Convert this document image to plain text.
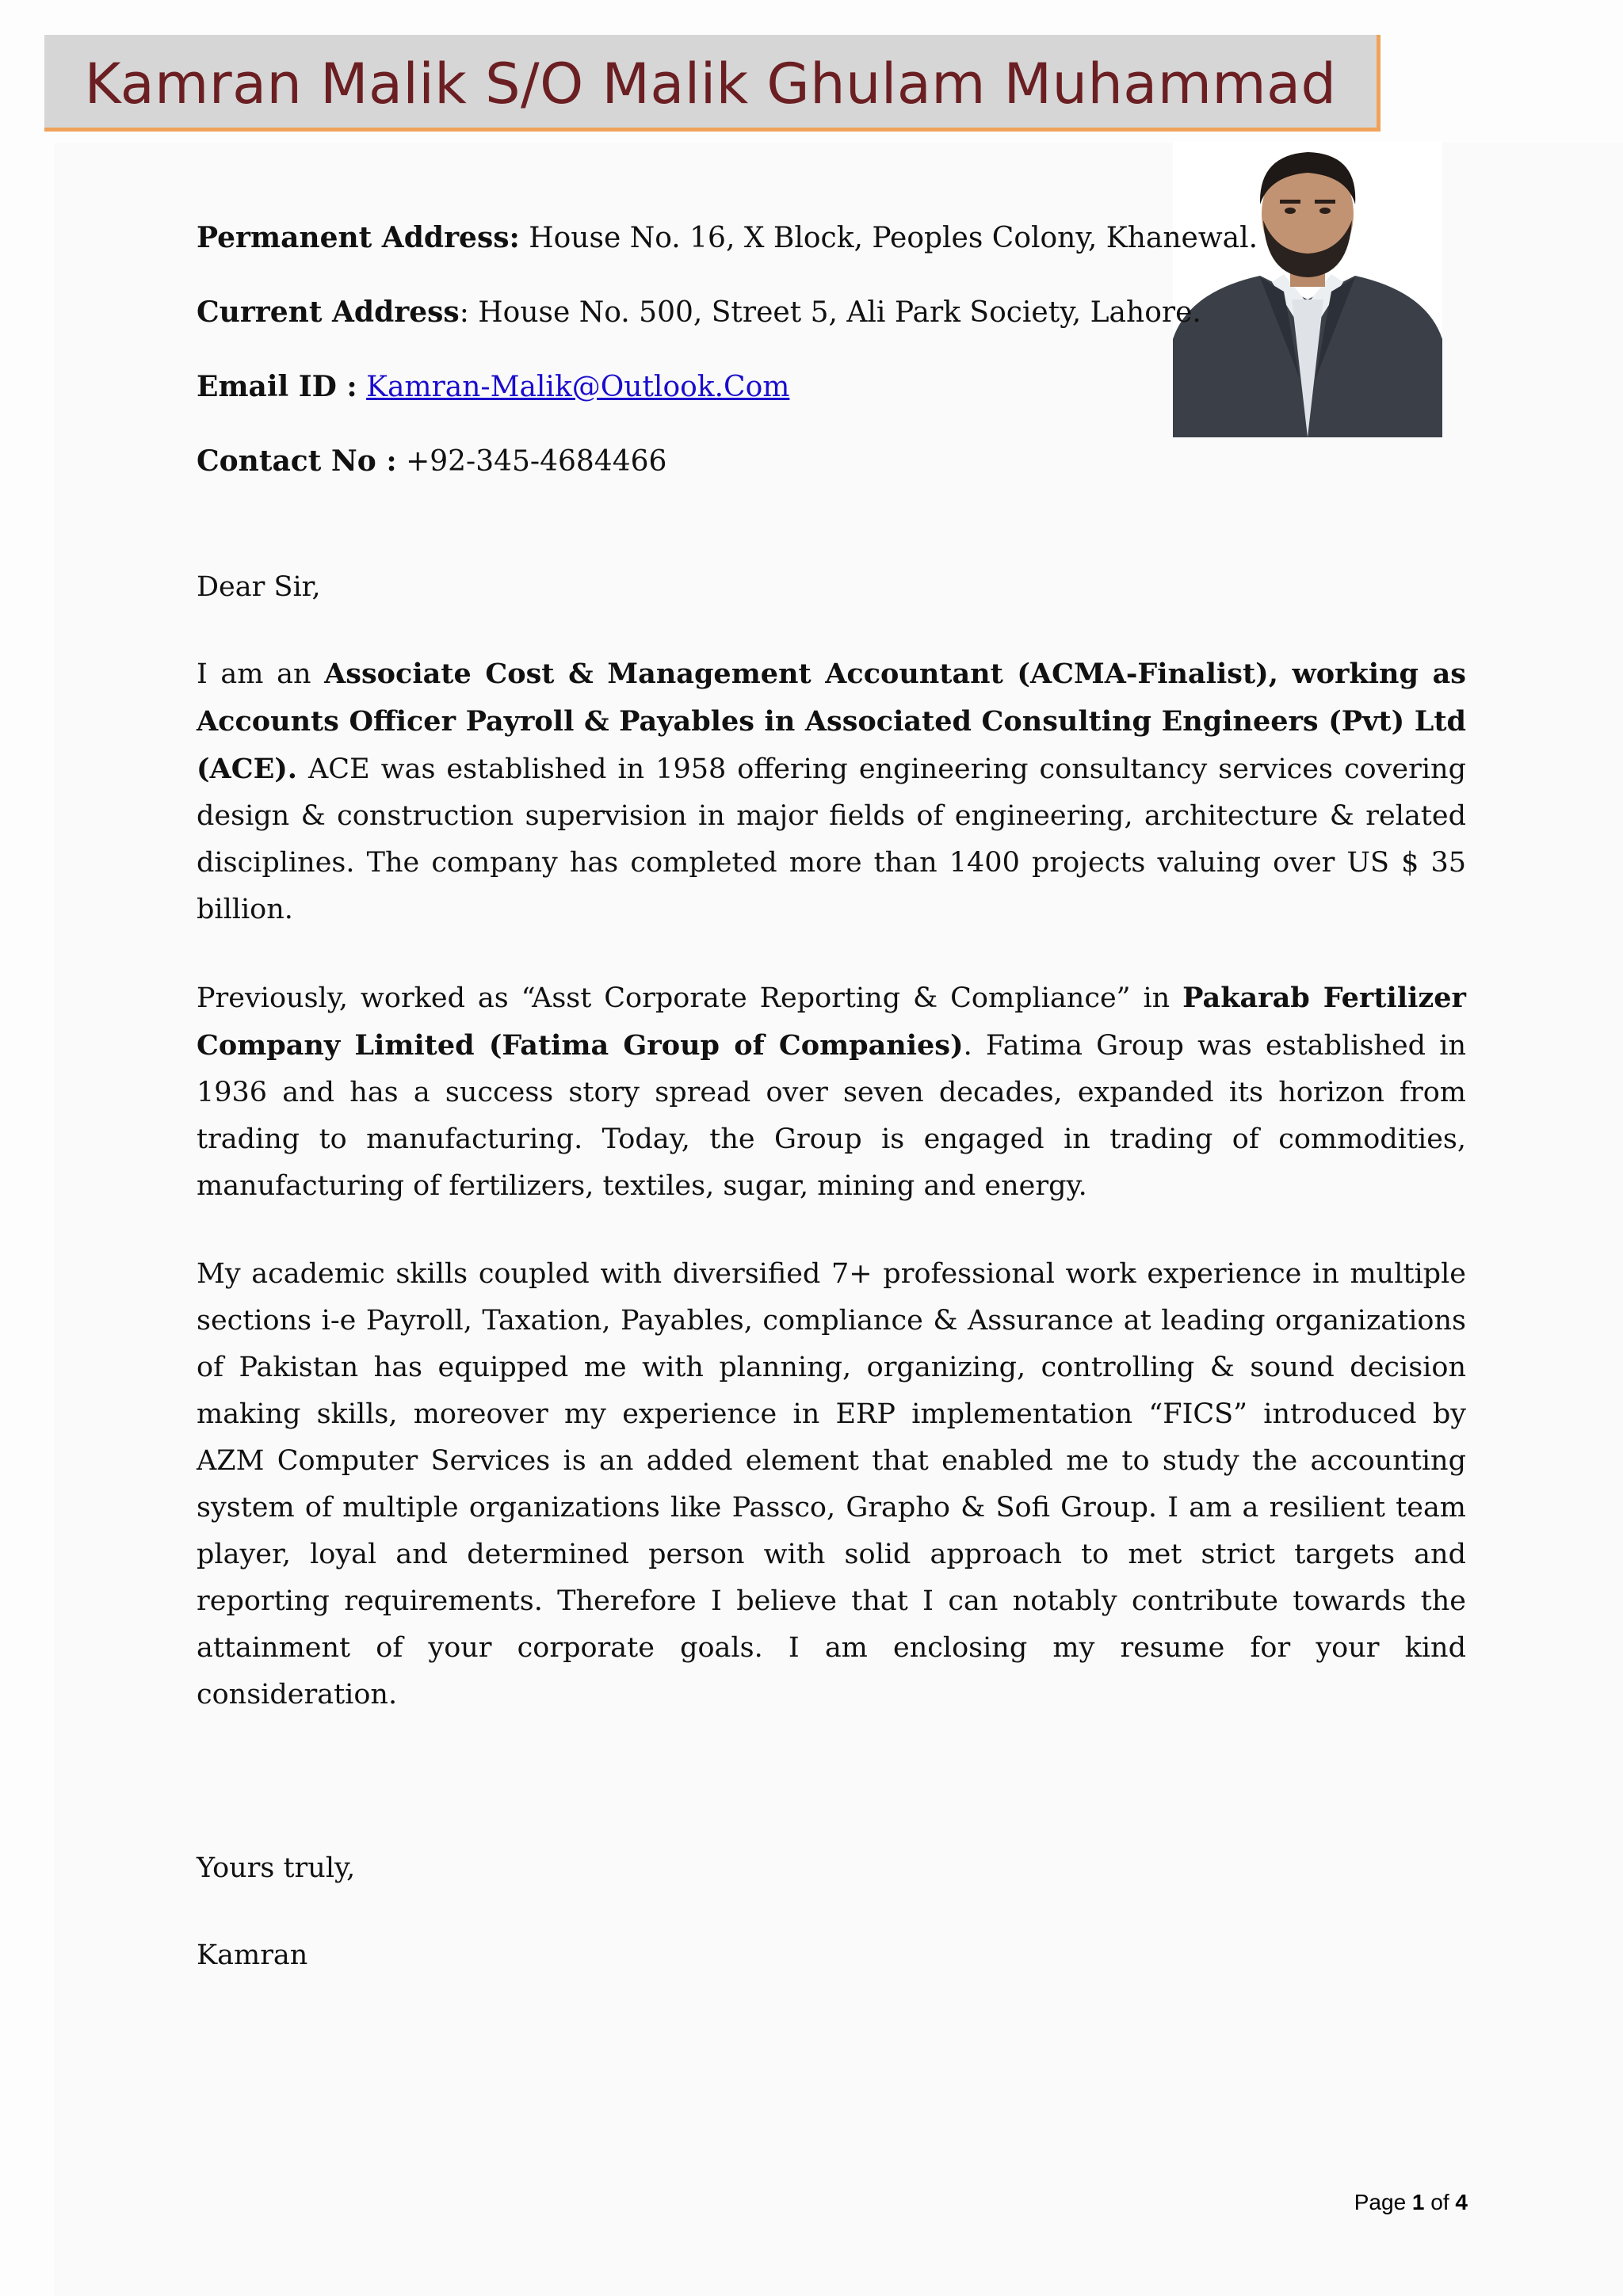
Kamran Malik S/O Malik Ghulam Muhammad
Permanent Address: House No. 16, X Block, Peoples Colony, Khanewal.
Current Address: House No. 500, Street 5, Ali Park Society, Lahore.
Email ID : Kamran-Malik@Outlook.Com
Contact No : +92-345-4684466

Dear Sir,

I am an Associate Cost & Management Accountant (ACMA-Finalist), working as Accounts Officer Payroll & Payables in Associated Consulting Engineers (Pvt) Ltd (ACE). ACE was established in 1958 offering engineering consultancy services covering design & construction supervision in major fields of engineering, architecture & related disciplines. The company has completed more than 1400 projects valuing over US $ 35 billion.

Previously, worked as “Asst Corporate Reporting & Compliance” in Pakarab Fertilizer Company Limited (Fatima Group of Companies). Fatima Group was established in 1936 and has a success story spread over seven decades, expanded its horizon from trading to manufacturing. Today, the Group is engaged in trading of commodities, manufacturing of fertilizers, textiles, sugar, mining and energy.

My academic skills coupled with diversified 7+ professional work experience in multiple sections i-e Payroll, Taxation, Payables, compliance & Assurance at leading organizations of Pakistan has equipped me with planning, organizing, controlling & sound decision making skills, moreover my experience in ERP implementation “FICS” introduced by AZM Computer Services is an added element that enabled me to study the accounting system of multiple organizations like Passco, Grapho & Sofi Group. I am a resilient team player, loyal and determined person with solid approach to met strict targets and reporting requirements. Therefore I believe that I can notably contribute towards the attainment of your corporate goals. I am enclosing my resume for your kind consideration.

Yours truly,
Kamran
Page 1 of 4
